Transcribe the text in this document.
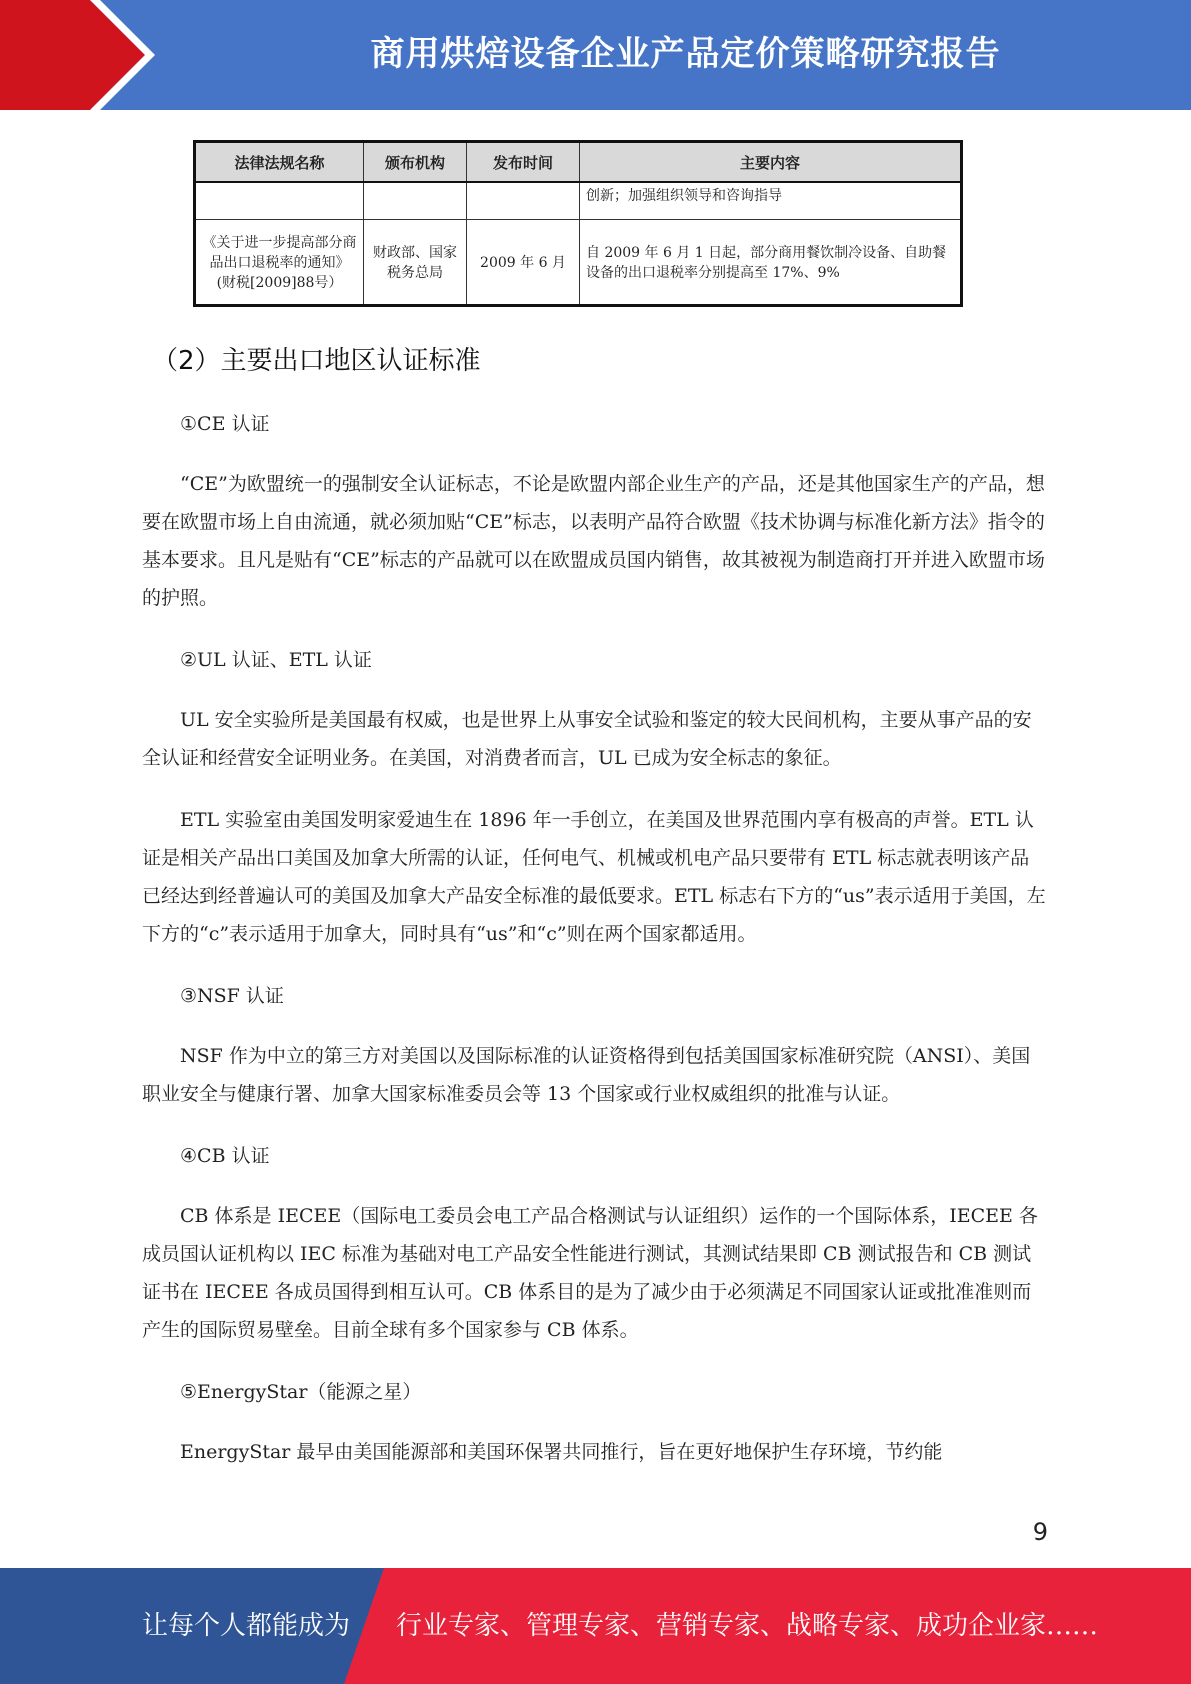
商用烘焙设备企业产品定价策略研究报告
法律法规名称	颁布机构	发布时间	主要内容
			创新；加强组织领导和咨询指导
《关于进一步提高部分商品出口退税率的通知》(财税[2009]88号）	财政部、国家税务总局	2009 年 6 月	自 2009 年 6 月 1 日起，部分商用餐饮制冷设备、自助餐设备的出口退税率分别提高至 17%、9%
（2）主要出口地区认证标准

①CE 认证

“CE”为欧盟统一的强制安全认证标志，不论是欧盟内部企业生产的产品，还是其他国家生产的产品，想要在欧盟市场上自由流通，就必须加贴“CE”标志，以表明产品符合欧盟《技术协调与标准化新方法》指令的基本要求。且凡是贴有“CE”标志的产品就可以在欧盟成员国内销售，故其被视为制造商打开并进入欧盟市场的护照。

②UL 认证、ETL 认证

UL 安全实验所是美国最有权威，也是世界上从事安全试验和鉴定的较大民间机构，主要从事产品的安全认证和经营安全证明业务。在美国，对消费者而言，UL 已成为安全标志的象征。

ETL 实验室由美国发明家爱迪生在 1896 年一手创立，在美国及世界范围内享有极高的声誉。ETL 认证是相关产品出口美国及加拿大所需的认证，任何电气、机械或机电产品只要带有 ETL 标志就表明该产品已经达到经普遍认可的美国及加拿大产品安全标准的最低要求。ETL 标志右下方的“us”表示适用于美国，左下方的“c”表示适用于加拿大，同时具有“us”和“c”则在两个国家都适用。

③NSF 认证

NSF 作为中立的第三方对美国以及国际标准的认证资格得到包括美国国家标准研究院（ANSI）、美国职业安全与健康行署、加拿大国家标准委员会等 13 个国家或行业权威组织的批准与认证。

④CB 认证

CB 体系是 IECEE（国际电工委员会电工产品合格测试与认证组织）运作的一个国际体系，IECEE 各成员国认证机构以 IEC 标准为基础对电工产品安全性能进行测试，其测试结果即 CB 测试报告和 CB 测试证书在 IECEE 各成员国得到相互认可。CB 体系目的是为了减少由于必须满足不同国家认证或批准准则而产生的国际贸易壁垒。目前全球有多个国家参与 CB 体系。

⑤EnergyStar（能源之星）

EnergyStar 最早由美国能源部和美国环保署共同推行，旨在更好地保护生存环境，节约能

9
让每个人都能成为 行业专家、管理专家、营销专家、战略专家、成功企业家……
